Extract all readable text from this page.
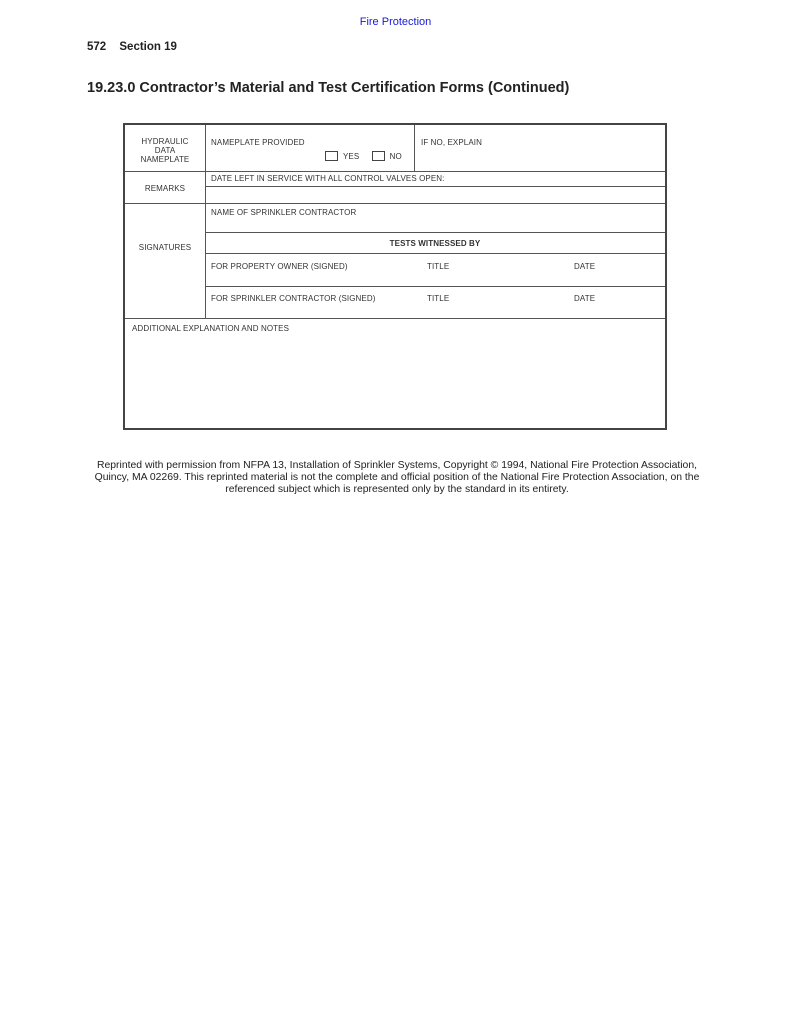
Fire Protection
572 Section 19
19.23.0 Contractor’s Material and Test Certification Forms (Continued)
HYDRAULIC
DATA
NAMEPLATE
NAMEPLATE PROVIDED
YES	NO
IF NO, EXPLAIN
REMARKS
DATE LEFT IN SERVICE WITH ALL CONTROL VALVES OPEN:
SIGNATURES
NAME OF SPRINKLER CONTRACTOR
TESTS WITNESSED BY
FOR PROPERTY OWNER (SIGNED)	TITLE	DATE
FOR SPRINKLER CONTRACTOR (SIGNED)	TITLE	DATE
ADDITIONAL EXPLANATION AND NOTES
Reprinted with permission from NFPA 13, Installation of Sprinkler Systems, Copyright © 1994, National Fire Protection Association, Quincy, MA 02269. This reprinted material is not the complete and official position of the National Fire Protection Association, on the referenced subject which is represented only by the standard in its entirety.
